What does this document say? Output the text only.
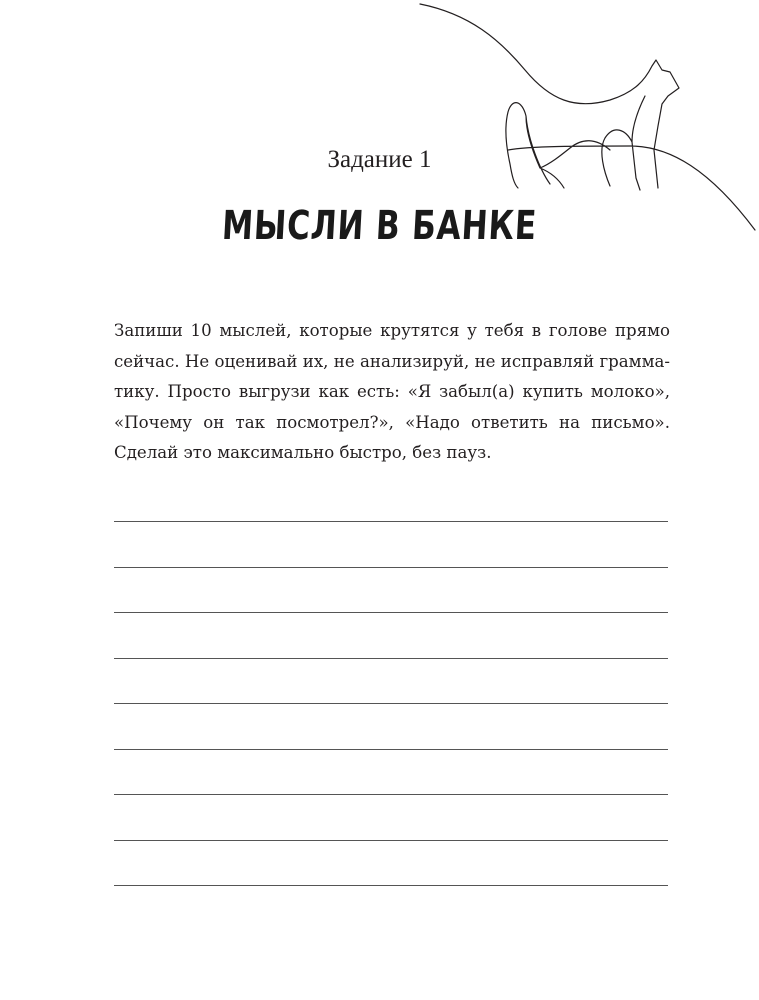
Задание 1
МЫСЛИ В БАНКЕ
Запиши 10 мыслей, которые крутятся у тебя в голове прямо сейчас. Не оценивай их, не анализируй, не исправляй грамматику. Просто выгрузи как есть: «Я забыл(а) купить молоко», «Почему он так посмотрел?», «Надо ответить на письмо». Сделай это максимально быстро, без пауз.
